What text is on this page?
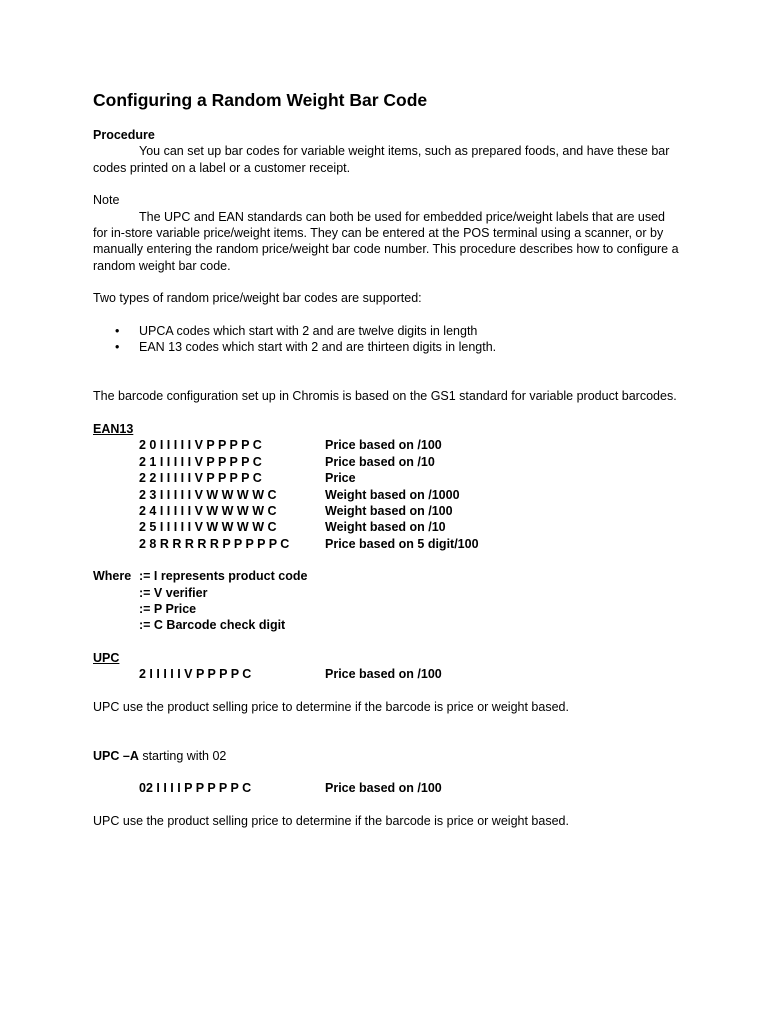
Configuring a Random Weight Bar Code

Procedure

You can set up bar codes for variable weight items, such as prepared foods, and have these bar codes printed on a label or a customer receipt.

Note

The UPC and EAN standards can both be used for embedded price/weight labels that are used for in-store variable price/weight items. They can be entered at the POS terminal using a scanner, or by manually entering the random price/weight bar code number. This procedure describes how to configure a random weight bar code.

Two types of random price/weight bar codes are supported:

• UPCA codes which start with 2 and are twelve digits in length
• EAN 13 codes which start with 2 and are thirteen digits in length.

The barcode configuration set up in Chromis is based on the GS1 standard for variable product barcodes.

EAN13

2 0 I I I I I V P P P P C	Price based on /100
2 1 I I I I I V P P P P C	Price based on /10
2 2 I I I I I V P P P P C	Price
2 3 I I I I I V W W W W C	Weight based on /1000
2 4 I I I I I V W W W W C	Weight based on /100
2 5 I I I I I V W W W W C	Weight based on /10
2 8 R R R R R P P P P P C	Price based on 5 digit/100
Where := I represents product code
:= V verifier
:= P Price
:= C Barcode check digit

UPC

2 I I I I I V P P P P C	Price based on /100

UPC use the product selling price to determine if the barcode is price or weight based.

UPC –A starting with 02

02 I I I I P P P P P C	Price based on /100

UPC use the product selling price to determine if the barcode is price or weight based.
